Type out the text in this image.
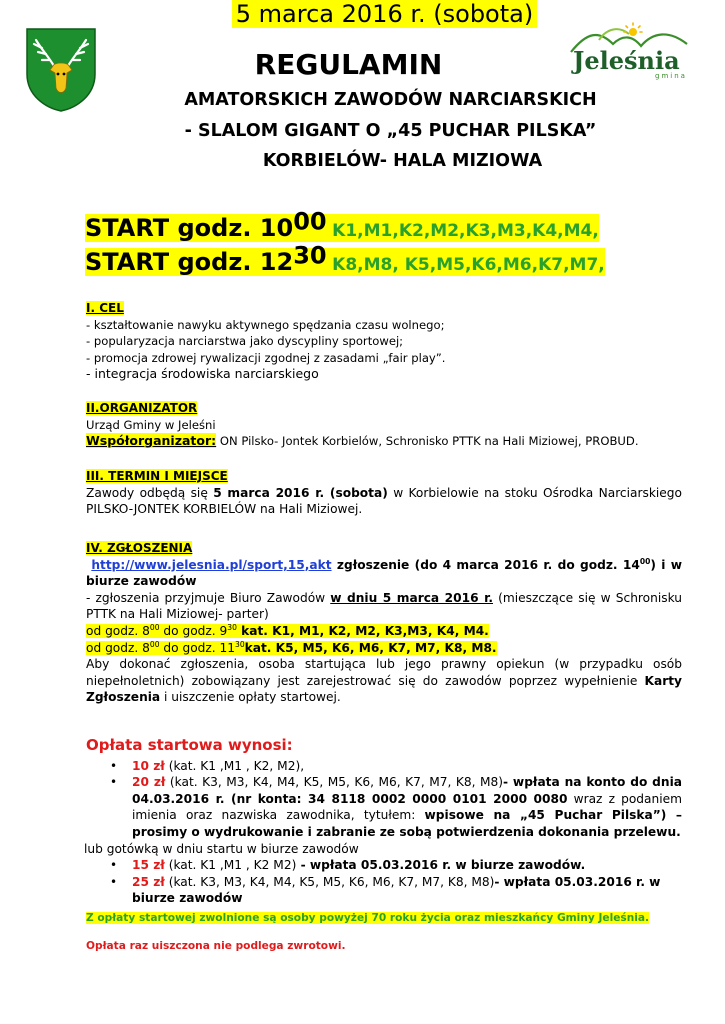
Jeleśnia
gmina
REGULAMIN
AMATORSKICH ZAWODÓW NARCIARSKICH
- SLALOM GIGANT O „45 PUCHAR PILSKA”
KORBIELÓW- HALA MIZIOWA
5 marca 2016 r. (sobota)
START godz. $10^{00}$ K1,M1,K2,M2,K3,M3,K4,M4,
START godz. $12^{30}$ K8,M8, K5,M5,K6,M6,K7,M7,

I. CEL

- kształtowanie nawyku aktywnego spędzania czasu wolnego;

- popularyzacja narciarstwa jako dyscypliny sportowej;

- promocja zdrowej rywalizacji zgodnej z zasadami „fair play”.

- integracja środowiska narciarskiego

II.ORGANIZATOR

Urząd Gminy w Jeleśni

Współorganizator: ON Pilsko- Jontek Korbielów, Schronisko PTTK na Hali Miziowej, PROBUD.

III. TERMIN I MIEJSCE

Zawody odbędą się 5 marca 2016 r. (sobota) w Korbielowie na stoku Ośrodka Narciarskiego PILSKO-JONTEK KORBIELÓW na Hali Miziowej.

IV. ZGŁOSZENIA

http://www.jelesnia.pl/sport,15,akt zgłoszenie (do 4 marca 2016 r. do godz. $14^{00}$) i w biurze zawodów

- zgłoszenia przyjmuje Biuro Zawodów w dniu 5 marca 2016 r. (mieszczące się w Schronisku PTTK na Hali Miziowej- parter)

od godz. $8^{00}$ do godz. $9^{30}$ kat. K1, M1, K2, M2, K3,M3, K4, M4.

od godz. $8^{00}$ do godz. $11^{30}kat$. K5, M5, K6, M6, K7, M7, K8, M8.

Aby dokonać zgłoszenia, osoba startująca lub jego prawny opiekun (w przypadku osób niepełnoletnich) zobowiązany jest zarejestrować się do zawodów poprzez wypełnienie Karty Zgłoszenia i uiszczenie opłaty startowej.

Opłata startowa wynosi:

• 10 zł (kat. K1 ,M1 , K2, M2),
• 20 zł (kat. K3, M3, K4, M4, K5, M5, K6, M6, K7, M7, K8, M8)- wpłata na konto do dnia 04.03.2016 r. (nr konta: 34 8118 0002 0000 0101 2000 0080 wraz z podaniem imienia oraz nazwiska zawodnika, tytułem: wpisowe na „45 Puchar Pilska”) – prosimy o wydrukowanie i zabranie ze sobą potwierdzenia dokonania przelewu.

lub gotówką w dniu startu w biurze zawodów

• 15 zł (kat. K1 ,M1 , K2 M2) - wpłata 05.03.2016 r. w biurze zawodów.
• 25 zł (kat. K3, M3, K4, M4, K5, M5, K6, M6, K7, M7, K8, M8)- wpłata 05.03.2016 r. w biurze zawodów

Z opłaty startowej zwolnione są osoby powyżej 70 roku życia oraz mieszkańcy Gminy Jeleśnia.

Opłata raz uiszczona nie podlega zwrotowi.
